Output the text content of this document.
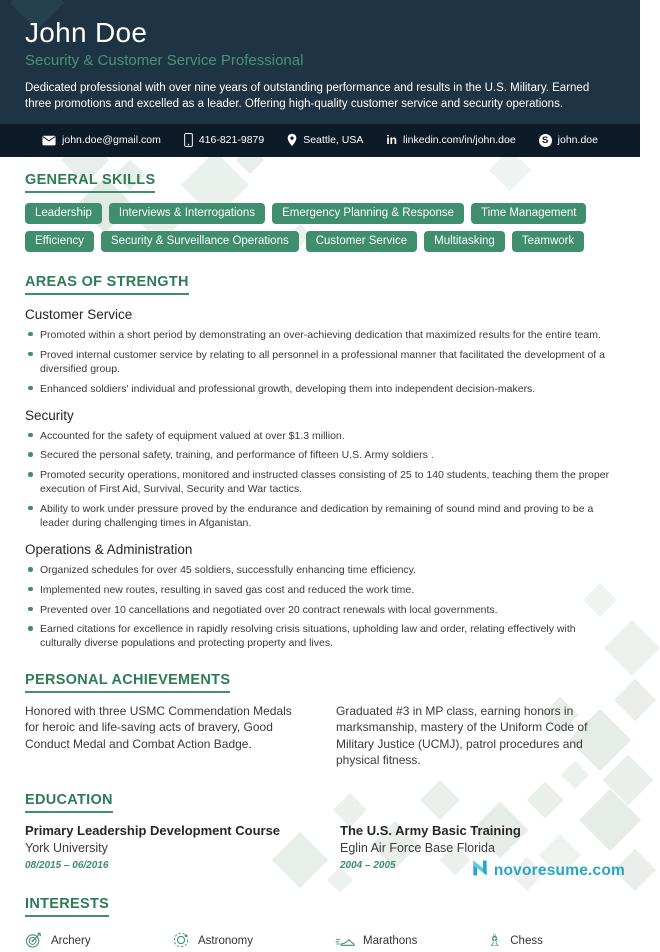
John Doe
Security & Customer Service Professional
Dedicated professional with over nine years of outstanding performance and results in the U.S. Military. Earned three promotions and excelled as a leader. Offering high-quality customer service and security operations.
john.doe@gmail.com	416-821-9879	Seattle, USA in linkedin.com/in/john.doe	S john.doe
GENERAL SKILLS
Leadership	Interviews & Interrogations	Emergency Planning & Response	Time Management
Efficiency	Security & Surveillance Operations	Customer Service	Multitasking	Teamwork
AREAS OF STRENGTH
Customer Service
Promoted within a short period by demonstrating an over-achieving dedication that maximized results for the entire team.
Proved internal customer service by relating to all personnel in a professional manner that facilitated the development of a diversified group.
Enhanced soldiers' individual and professional growth, developing them into independent decision-makers.
Security
Accounted for the safety of equipment valued at over $1.3 million.
Secured the personal safety, training, and performance of fifteen U.S. Army soldiers .
Promoted security operations, monitored and instructed classes consisting of 25 to 140 students, teaching them the proper execution of First Aid, Survival, Security and War tactics.
Ability to work under pressure proved by the endurance and dedication by remaining of sound mind and proving to be a leader during challenging times in Afganistan.
Operations & Administration
Organized schedules for over 45 soldiers, successfully enhancing time efficiency.
Implemented new routes, resulting in saved gas cost and reduced the work time.
Prevented over 10 cancellations and negotiated over 20 contract renewals with local governments.
Earned citations for excellence in rapidly resolving crisis situations, upholding law and order, relating effectively with culturally diverse populations and protecting property and lives.
PERSONAL ACHIEVEMENTS
Honored with three USMC Commendation Medals for heroic and life-saving acts of bravery, Good Conduct Medal and Combat Action Badge.
Graduated #3 in MP class, earning honors in marksmanship, mastery of the Uniform Code of Military Justice (UCMJ), patrol procedures and physical fitness.
EDUCATION
Primary Leadership Development Course
York University
08/2015 – 06/2016
The U.S. Army Basic Training
Eglin Air Force Base Florida
2004 – 2005
INTERESTS
Archery	Astronomy	Marathons	♗ Chess
novoresume.com
